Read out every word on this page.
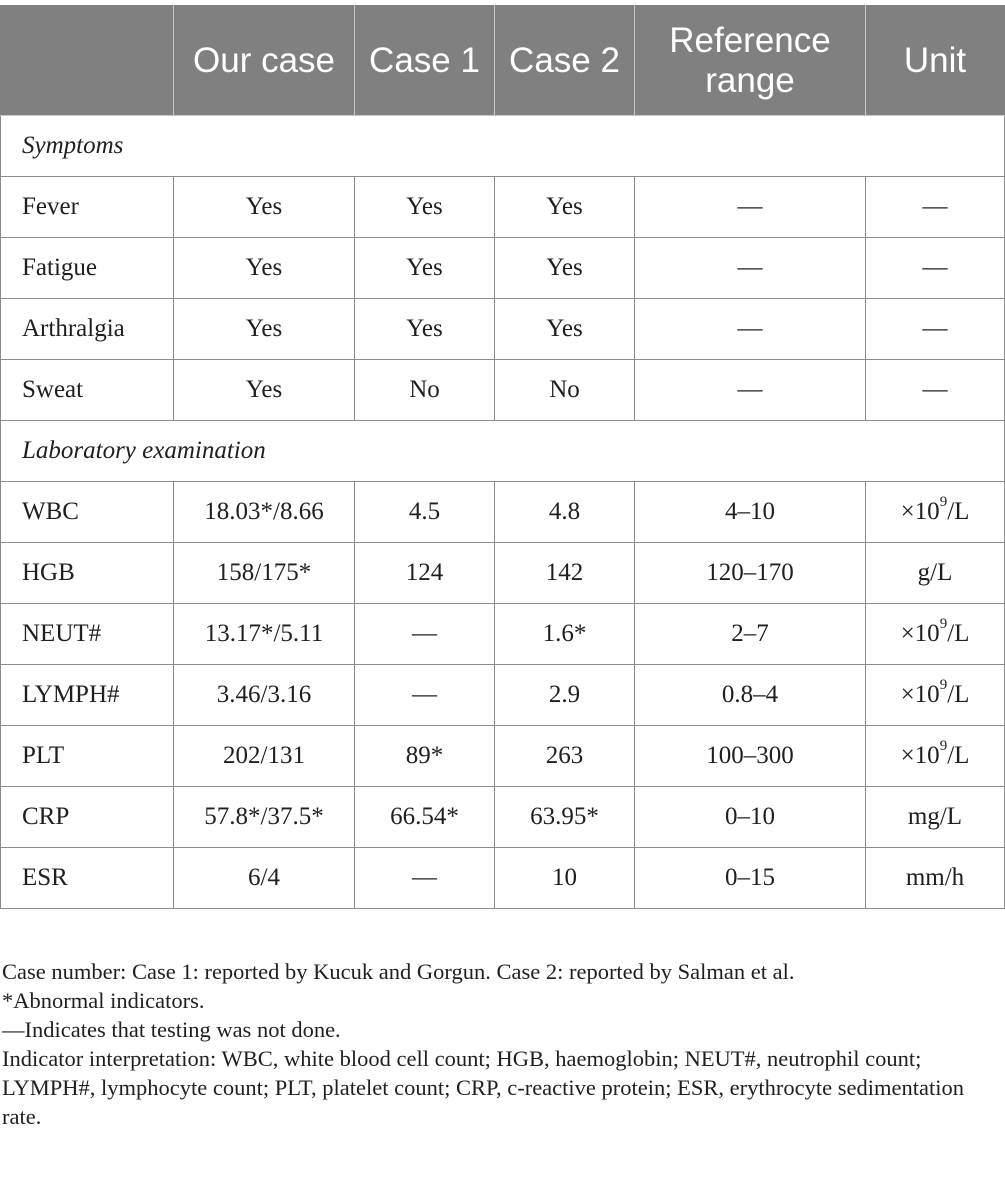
	Our case	Case 1	Case 2	Reference range	Unit
Symptoms					
Fever	Yes	Yes	Yes	—	—
Fatigue	Yes	Yes	Yes	—	—
Arthralgia	Yes	Yes	Yes	—	—
Sweat	Yes	No	No	—	—
Laboratory examination					
WBC	18.03*/8.66	4.5	4.8	4–10	$\times 10^9/L$
HGB	158/175*	124	142	120–170	g/L
NEUT#	13.17*/5.11	—	1.6*	2–7	$\times 10^9/L$
LYMPH#	3.46/3.16	—	2.9	0.8–4	$\times 10^9/L$
PLT	202/131	89*	263	100–300	$\times 10^9/L$
CRP	57.8*/37.5*	66.54*	63.95*	0–10	mg/L
ESR	6/4	—	10	0–15	mm/h

Case number: Case 1: reported by Kucuk and Gorgun. Case 2: reported by Salman et al.

*Abnormal indicators.

—Indicates that testing was not done.

Indicator interpretation: WBC, white blood cell count; HGB, haemoglobin; NEUT#, neutrophil count; LYMPH#, lymphocyte count; PLT, platelet count; CRP, c-reactive protein; ESR, erythrocyte sedimentation rate.
